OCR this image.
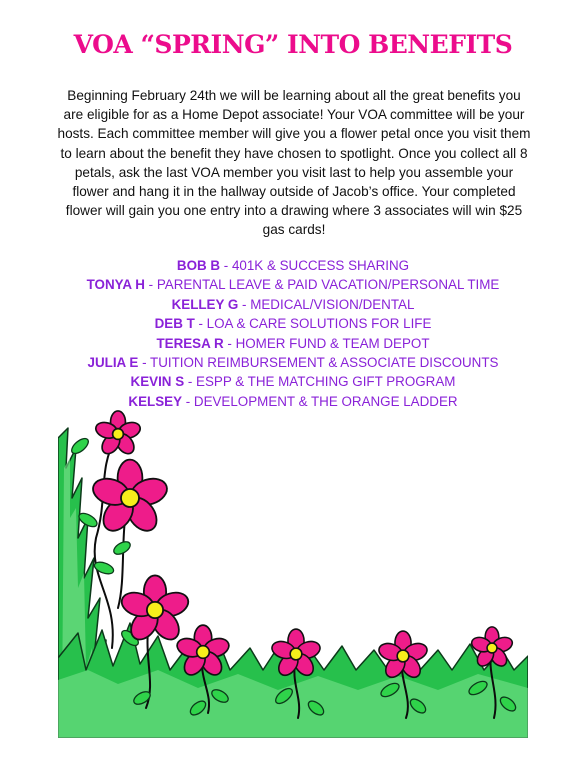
VOA “SPRING” INTO BENEFITS

Beginning February 24th we will be learning about all the great benefits you are eligible for as a Home Depot associate! Your VOA committee will be your hosts. Each committee member will give you a flower petal once you visit them to learn about the benefit they have chosen to spotlight. Once you collect all 8 petals, ask the last VOA member you visit last to help you assemble your flower and hang it in the hallway outside of Jacob’s office. Your completed flower will gain you one entry into a drawing where 3 associates will win $25 gas cards!

BOB B - 401K & SUCCESS SHARING
TONYA H - PARENTAL LEAVE & PAID VACATION/PERSONAL TIME
KELLEY G - MEDICAL/VISION/DENTAL
DEB T - LOA & CARE SOLUTIONS FOR LIFE
TERESA R - HOMER FUND & TEAM DEPOT
JULIA E - TUITION REIMBURSEMENT & ASSOCIATE DISCOUNTS
KEVIN S - ESPP & THE MATCHING GIFT PROGRAM
KELSEY - DEVELOPMENT & THE ORANGE LADDER
